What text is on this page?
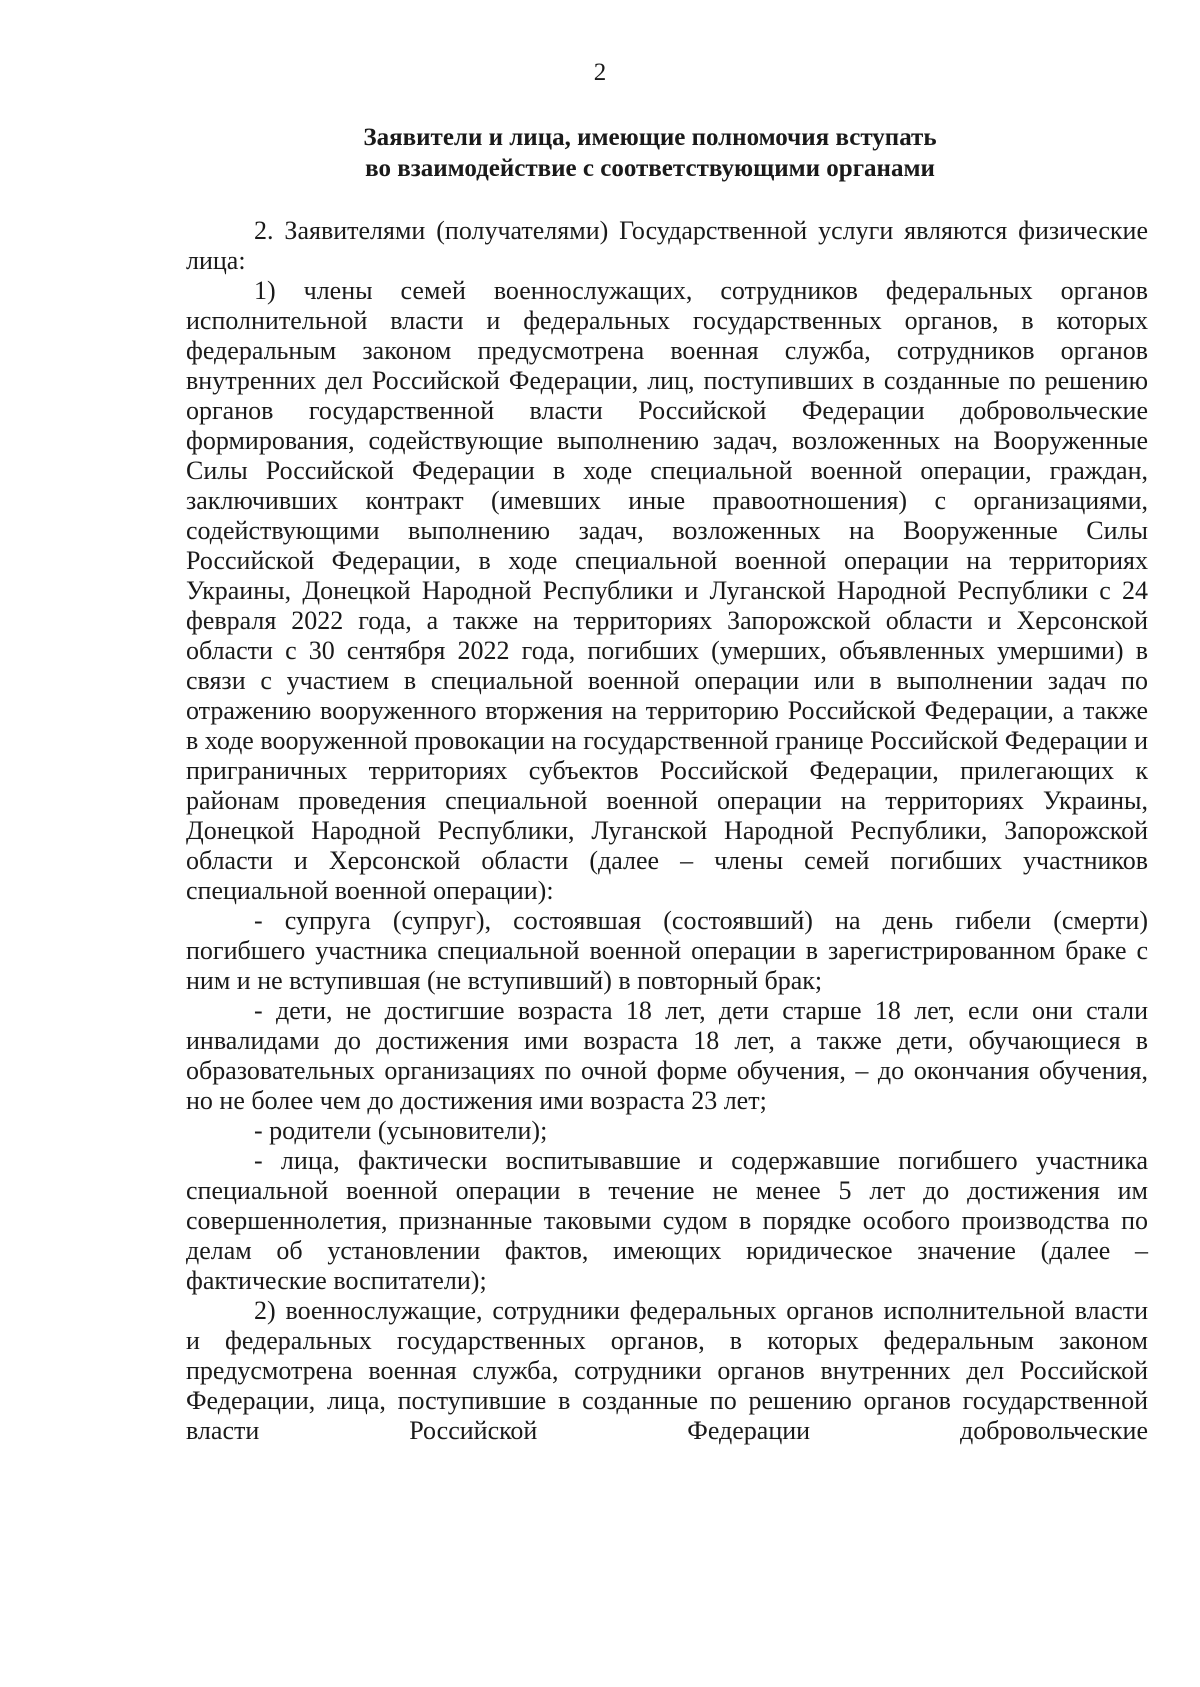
2
Заявители и лица, имеющие полномочия вступать
во взаимодействие с соответствующими органами

2. Заявителями (получателями) Государственной услуги являются физические лица:

1) члены семей военнослужащих, сотрудников федеральных органов исполнительной власти и федеральных государственных органов, в которых федеральным законом предусмотрена военная служба, сотрудников органов внутренних дел Российской Федерации, лиц, поступивших в созданные по решению органов государственной власти Российской Федерации добровольческие формирования, содействующие выполнению задач, возложенных на Вооруженные Силы Российской Федерации в ходе специальной военной операции, граждан, заключивших контракт (имевших иные правоотношения) с организациями, содействующими выполнению задач, возложенных на Вооруженные Силы Российской Федерации, в ходе специальной военной операции на территориях Украины, Донецкой Народной Республики и Луганской Народной Республики с 24 февраля 2022 года, а также на территориях Запорожской области и Херсонской области с 30 сентября 2022 года, погибших (умерших, объявленных умершими) в связи с участием в специальной военной операции или в выполнении задач по отражению вооруженного вторжения на территорию Российской Федерации, а также в ходе вооруженной провокации на государственной границе Российской Федерации и приграничных территориях субъектов Российской Федерации, прилегающих к районам проведения специальной военной операции на территориях Украины, Донецкой Народной Республики, Луганской Народной Республики, Запорожской области и Херсонской области (далее – члены семей погибших участников специальной военной операции):

- супруга (супруг), состоявшая (состоявший) на день гибели (смерти) погибшего участника специальной военной операции в зарегистрированном браке с ним и не вступившая (не вступивший) в повторный брак;

- дети, не достигшие возраста 18 лет, дети старше 18 лет, если они стали инвалидами до достижения ими возраста 18 лет, а также дети, обучающиеся в образовательных организациях по очной форме обучения, – до окончания обучения, но не более чем до достижения ими возраста 23 лет;

- родители (усыновители);

- лица, фактически воспитывавшие и содержавшие погибшего участника специальной военной операции в течение не менее 5 лет до достижения им совершеннолетия, признанные таковыми судом в порядке особого производства по делам об установлении фактов, имеющих юридическое значение (далее – фактические воспитатели);

2) военнослужащие, сотрудники федеральных органов исполнительной власти и федеральных государственных органов, в которых федеральным законом предусмотрена военная служба, сотрудники органов внутренних дел Российской Федерации, лица, поступившие в созданные по решению органов государственной власти Российской Федерации добровольческие
